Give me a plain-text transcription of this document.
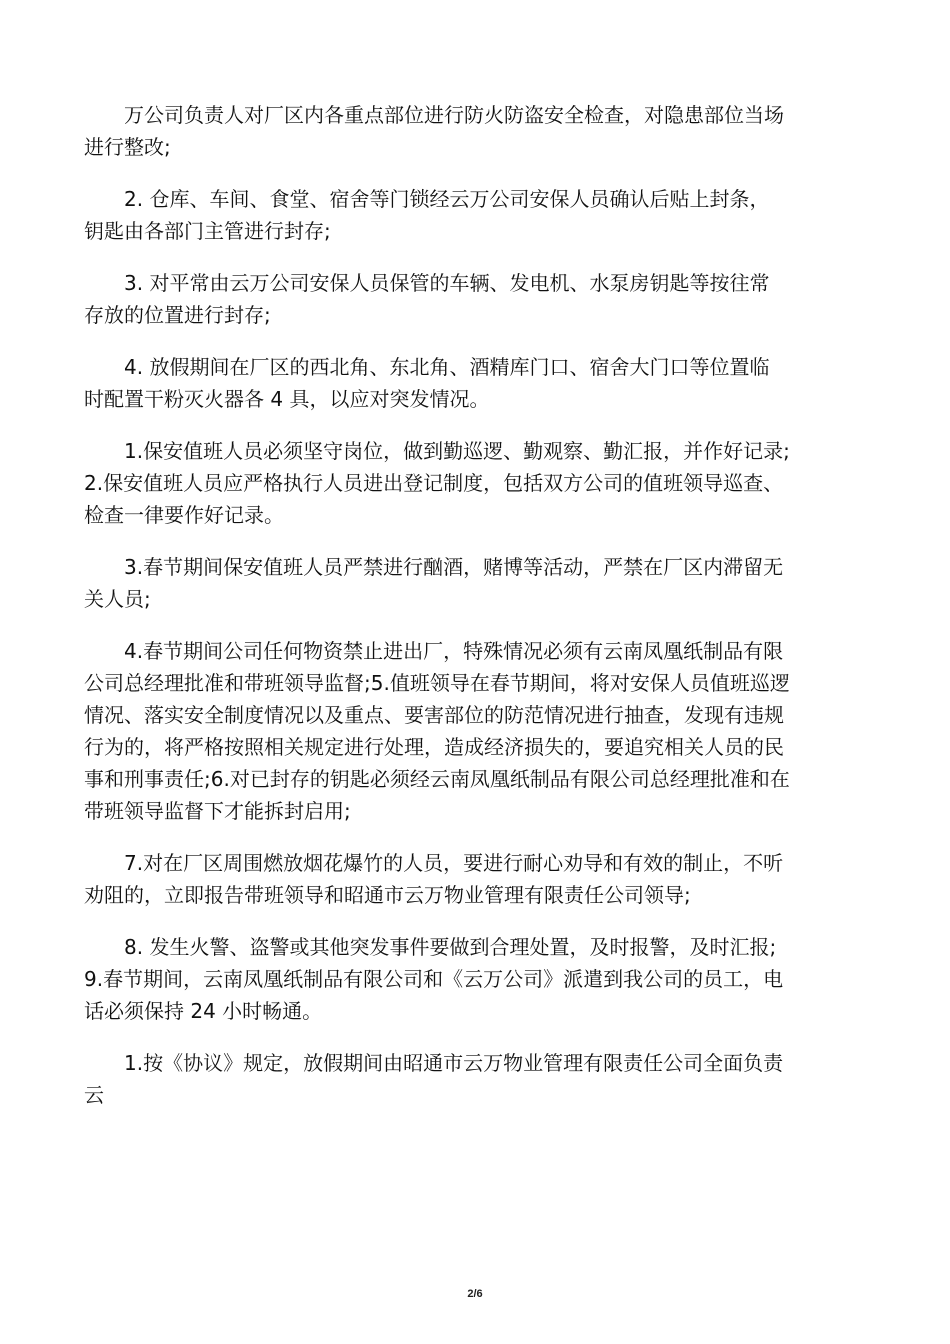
万公司负责人对厂区内各重点部位进行防火防盗安全检查，对隐患部位当场
进行整改;

2. 仓库、车间、食堂、宿舍等门锁经云万公司安保人员确认后贴上封条，
钥匙由各部门主管进行封存;

3. 对平常由云万公司安保人员保管的车辆、发电机、水泵房钥匙等按往常
存放的位置进行封存;

4. 放假期间在厂区的西北角、东北角、酒精库门口、宿舍大门口等位置临
时配置干粉灭火器各 4 具，以应对突发情况。

1.保安值班人员必须坚守岗位，做到勤巡逻、勤观察、勤汇报，并作好记录;
2.保安值班人员应严格执行人员进出登记制度，包括双方公司的值班领导巡查、
检查一律要作好记录。

3.春节期间保安值班人员严禁进行酗酒，赌博等活动，严禁在厂区内滞留无
关人员;

4.春节期间公司任何物资禁止进出厂，特殊情况必须有云南凤凰纸制品有限
公司总经理批准和带班领导监督;5.值班领导在春节期间，将对安保人员值班巡逻
情况、落实安全制度情况以及重点、要害部位的防范情况进行抽查，发现有违规
行为的，将严格按照相关规定进行处理，造成经济损失的，要追究相关人员的民
事和刑事责任;6.对已封存的钥匙必须经云南凤凰纸制品有限公司总经理批准和在
带班领导监督下才能拆封启用;

7.对在厂区周围燃放烟花爆竹的人员，要进行耐心劝导和有效的制止，不听
劝阻的，立即报告带班领导和昭通市云万物业管理有限责任公司领导;

8. 发生火警、盗警或其他突发事件要做到合理处置，及时报警，及时汇报;
9.春节期间，云南凤凰纸制品有限公司和《云万公司》派遣到我公司的员工，电
话必须保持 24 小时畅通。

1.按《协议》规定，放假期间由昭通市云万物业管理有限责任公司全面负责
云

2/6
